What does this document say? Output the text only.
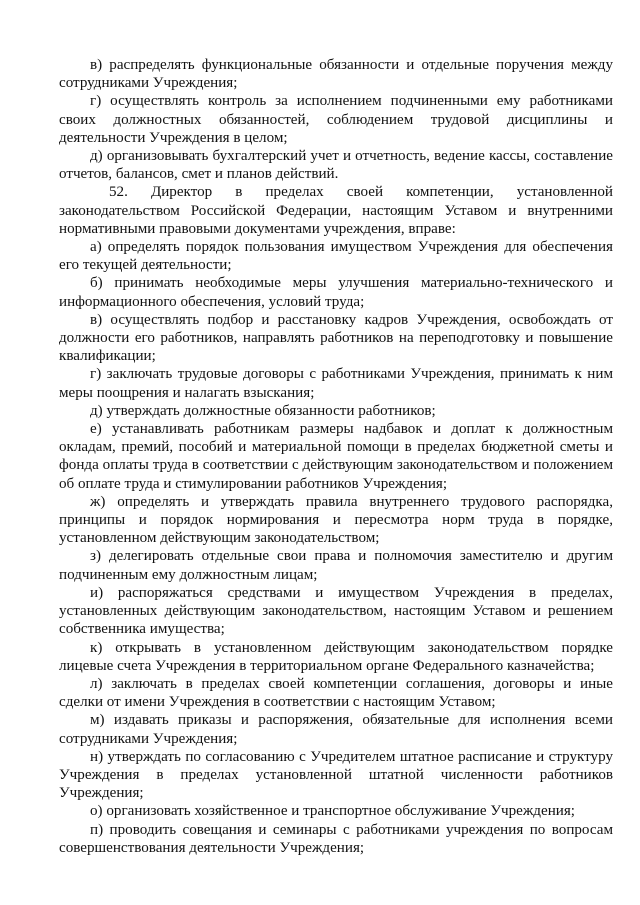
в) распределять функциональные обязанности и отдельные поручения между сотрудниками Учреждения;

г) осуществлять контроль за исполнением подчиненными ему работниками своих должностных обязанностей, соблюдением трудовой дисциплины и деятельности Учреждения в целом;

д) организовывать бухгалтерский учет и отчетность, ведение кассы, составление отчетов, балансов, смет и планов действий.

52. Директор в пределах своей компетенции, установленной законодательством Российской Федерации, настоящим Уставом и внутренними нормативными правовыми документами учреждения, вправе:

а) определять порядок пользования имуществом Учреждения для обеспечения его текущей деятельности;

б) принимать необходимые меры улучшения материально-технического и информационного обеспечения, условий труда;

в) осуществлять подбор и расстановку кадров Учреждения, освобождать от должности его работников, направлять работников на переподготовку и повышение квалификации;

г) заключать трудовые договоры с работниками Учреждения, принимать к ним меры поощрения и налагать взыскания;

д) утверждать должностные обязанности работников;

е) устанавливать работникам размеры надбавок и доплат к должностным окладам, премий, пособий и материальной помощи в пределах бюджетной сметы и фонда оплаты труда в соответствии с действующим законодательством и положением об оплате труда и стимулировании работников Учреждения;

ж) определять и утверждать правила внутреннего трудового распорядка, принципы и порядок нормирования и пересмотра норм труда в порядке, установленном действующим законодательством;

з) делегировать отдельные свои права и полномочия заместителю и другим подчиненным ему должностным лицам;

и) распоряжаться средствами и имуществом Учреждения в пределах, установленных действующим законодательством, настоящим Уставом и решением собственника имущества;

к) открывать в установленном действующим законодательством порядке лицевые счета Учреждения в территориальном органе Федерального казначейства;

л) заключать в пределах своей компетенции соглашения, договоры и иные сделки от имени Учреждения в соответствии с настоящим Уставом;

м) издавать приказы и распоряжения, обязательные для исполнения всеми сотрудниками Учреждения;

н) утверждать по согласованию с Учредителем штатное расписание и структуру Учреждения в пределах установленной штатной численности работников Учреждения;

о) организовать хозяйственное и транспортное обслуживание Учреждения;

п) проводить совещания и семинары с работниками учреждения по вопросам совершенствования деятельности Учреждения;
